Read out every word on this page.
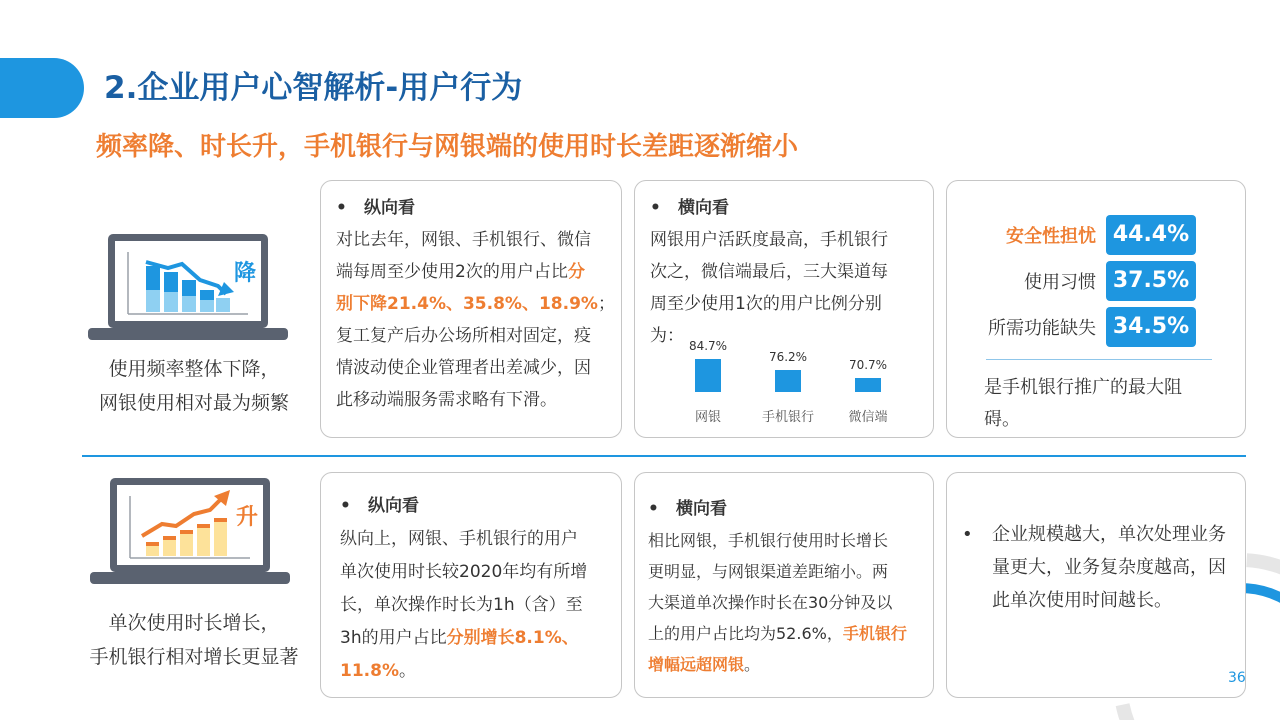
2.企业用户心智解析-用户行为
频率降、时长升，手机银行与网银端的使用时长差距逐渐缩小
降
使用频率整体下降，
网银使用相对最为频繁
• 纵向看
对比去年，网银、手机银行、微信
端每周至少使用2次的用户占比分
别下降21.4%、35.8%、18.9%；
复工复产后办公场所相对固定，疫
情波动使企业管理者出差减少，因
此移动端服务需求略有下滑。
• 横向看
网银用户活跃度最高，手机银行
次之，微信端最后，三大渠道每
周至少使用1次的用户比例分别
为：
84.7%
网银
76.2%
手机银行
70.7%
微信端
安全性担忧 44.4%
使用习惯 37.5%
所需功能缺失 34.5%
是手机银行推广的最大阻
碍。
升
单次使用时长增长，
手机银行相对增长更显著
• 纵向看
纵向上，网银、手机银行的用户
单次使用时长较2020年均有所增
长，单次操作时长为1h（含）至
3h的用户占比分别增长8.1%、
11.8%。
• 横向看
相比网银，手机银行使用时长增长
更明显，与网银渠道差距缩小。两
大渠道单次操作时长在30分钟及以
上的用户占比均为52.6%，手机银行
增幅远超网银。
• 企业规模越大，单次处理业务
量更大，业务复杂度越高，因
此单次使用时间越长。
36
